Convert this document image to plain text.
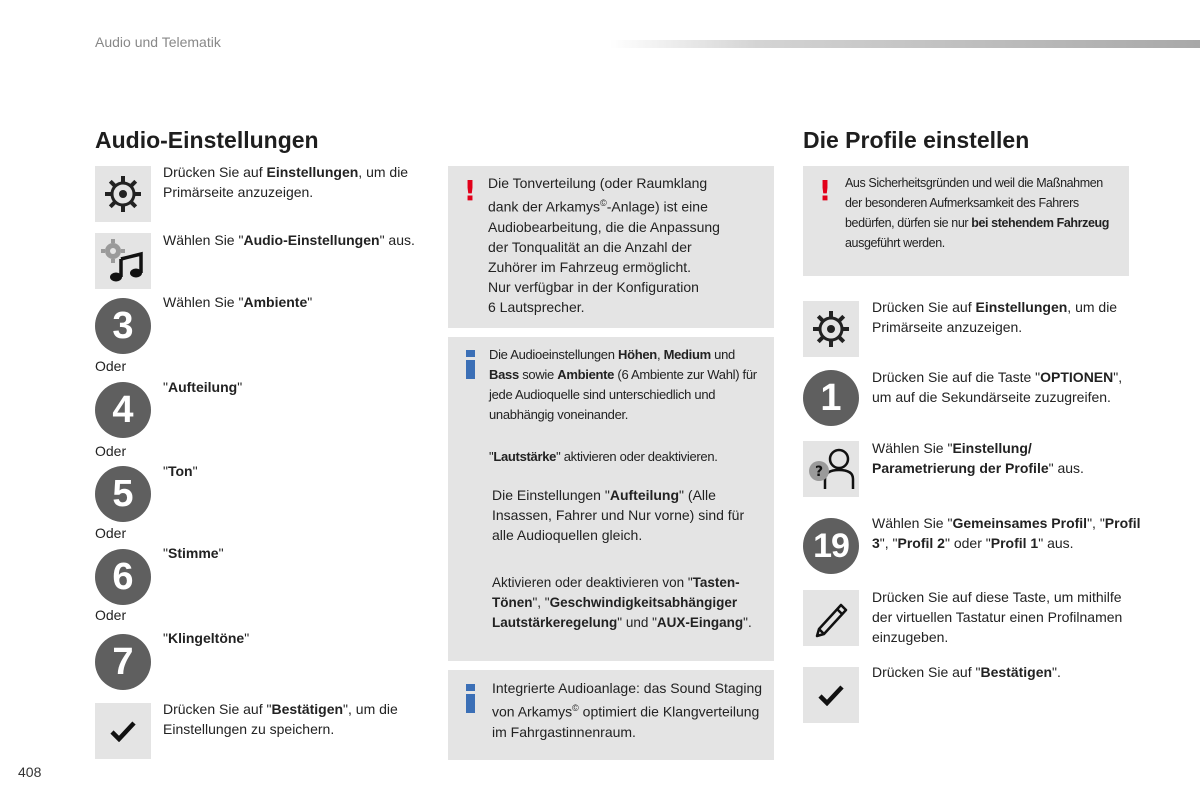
Audio und Telematik
408
Audio-Einstellungen
Drücken Sie auf Einstellungen, um die Primärseite anzuzeigen.
Wählen Sie "Audio-Einstellungen" aus.
3
Wählen Sie "Ambiente"
Oder
4
"Aufteilung"
Oder
5
"Ton"
Oder
6
"Stimme"
Oder
7
"Klingeltöne"
Drücken Sie auf "Bestätigen", um die Einstellungen zu speichern.
! Die Tonverteilung (oder Raumklang
dank der Arkamys©-Anlage) ist eine
Audiobearbeitung, die die Anpassung
der Tonqualität an die Anzahl der
Zuhörer im Fahrzeug ermöglicht.
Nur verfügbar in der Konfiguration
6 Lautsprecher.
Die Audioeinstellungen Höhen, Medium und Bass sowie Ambiente (6 Ambiente zur Wahl) für jede Audioquelle sind unterschiedlich und unabhängig voneinander.
"Lautstärke" aktivieren oder deaktivieren.
Die Einstellungen "Aufteilung" (Alle Insassen, Fahrer und Nur vorne) sind für alle Audioquellen gleich.
Aktivieren oder deaktivieren von "Tasten-Tönen", "Geschwindigkeitsabhängiger Lautstärkeregelung" und "AUX-Eingang".
Integrierte Audioanlage: das Sound Staging von Arkamys© optimiert die Klangverteilung im Fahrgastinnenraum.
Die Profile einstellen
! Aus Sicherheitsgründen und weil die Maßnahmen der besonderen Aufmerksamkeit des Fahrers bedürfen, dürfen sie nur bei stehendem Fahrzeug ausgeführt werden.
Drücken Sie auf Einstellungen, um die Primärseite anzuzeigen.
1	Drücken Sie auf die Taste "OPTIONEN", um auf die Sekundärseite zuzugreifen.
?
Wählen Sie "Einstellung/ Parametrierung der Profile" aus.
19
Wählen Sie "Gemeinsames Profil", "Profil 3", "Profil 2" oder "Profil 1" aus.
Drücken Sie auf diese Taste, um mithilfe der virtuellen Tastatur einen Profilnamen einzugeben.
Drücken Sie auf "Bestätigen".
